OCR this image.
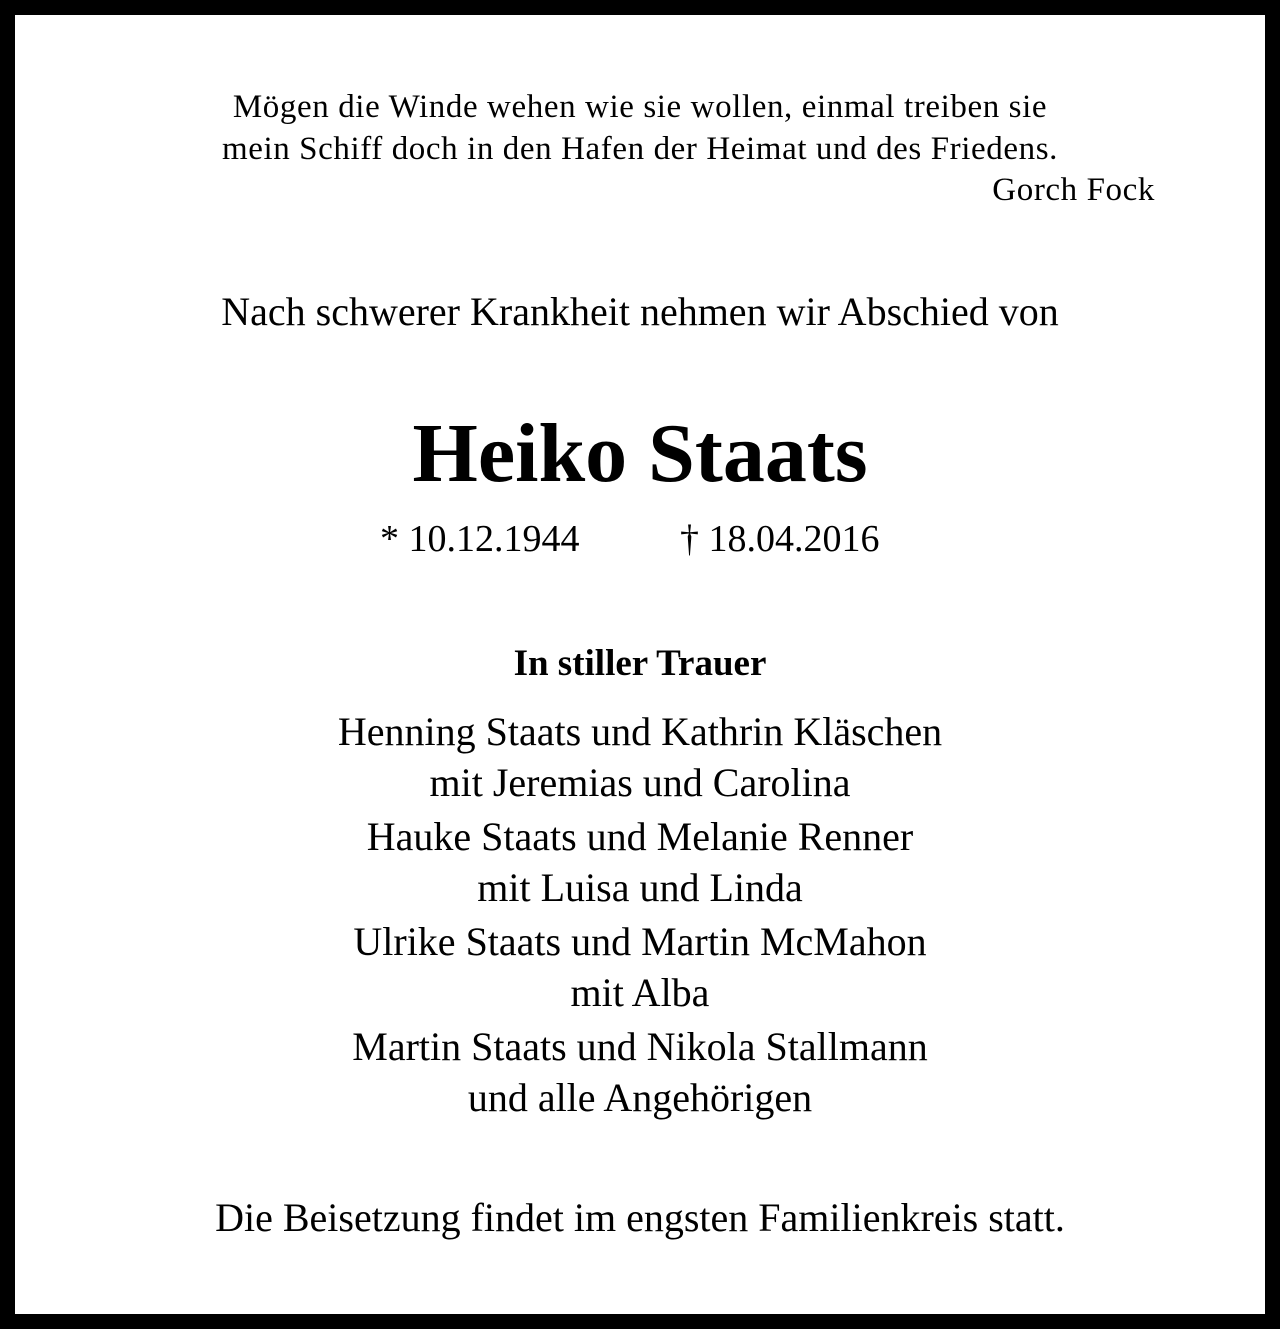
Mögen die Winde wehen wie sie wollen, einmal treiben sie
mein Schiff doch in den Hafen der Heimat und des Friedens.
Gorch Fock
Nach schwerer Krankheit nehmen wir Abschied von
Heiko Staats
* 10.12.1944	† 18.04.2016
In stiller Trauer
Henning Staats und Kathrin Kläschen
mit Jeremias und Carolina
Hauke Staats und Melanie Renner
mit Luisa und Linda
Ulrike Staats und Martin McMahon
mit Alba
Martin Staats und Nikola Stallmann
und alle Angehörigen
Die Beisetzung findet im engsten Familienkreis statt.
